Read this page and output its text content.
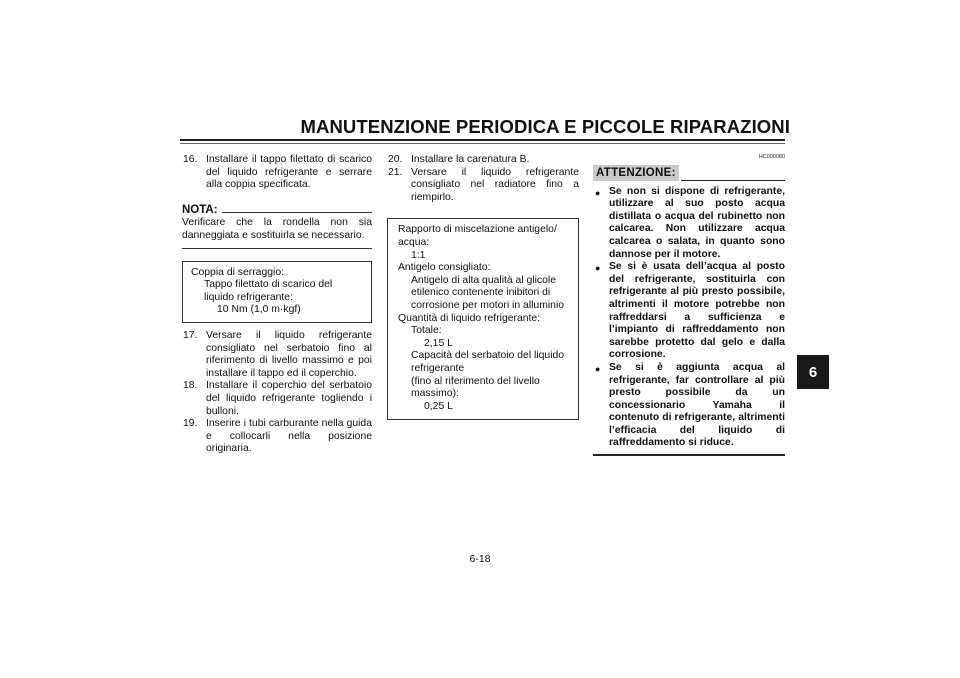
MANUTENZIONE PERIODICA E PICCOLE RIPARAZIONI
6
16. Installare il tappo filettato di scarico del liquido refrigerante e serrare alla coppia specificata.
NOTA:
Verificare che la rondella non sia danneggiata e sostituirla se necessario.
Coppia di serraggio:
Tappo filettato di scarico del liquido refrigerante:
10 Nm (1,0 m·kgf)
17. Versare il liquido refrigerante consigliato nel serbatoio fino al riferimento di livello massimo e poi installare il tappo ed il coperchio.
18. Installare il coperchio del serbatoio del liquido refrigerante togliendo i bulloni.
19. Inserire i tubi carburante nella guida e collocarli nella posizione originaria.
20. Installare la carenatura B.
21. Versare il liquido refrigerante consigliato nel radiatore fino a riempirlo.
Rapporto di miscelazione antigelo/ acqua:
1:1
Antigelo consigliato:
Antigelo di alta qualità al glicole etilenico contenente inibitori di corrosione per motori in alluminio
Quantità di liquido refrigerante:
Totale:
2,15 L
Capacità del serbatoio del liquido refrigerante
(fino al riferimento del livello massimo):
0,25 L
HC000080
ATTENZIONE:
● Se non si dispone di refrigerante, utilizzare al suo posto acqua distillata o acqua del rubinetto non calcarea. Non utilizzare acqua calcarea o salata, in quanto sono dannose per il motore.
● Se si è usata dell’acqua al posto del refrigerante, sostituirla con refrigerante al più presto possibile, altrimenti il motore potrebbe non raffreddarsi a sufficienza e l’impianto di raffreddamento non sarebbe protetto dal gelo e dalla corrosione.
● Se si è aggiunta acqua al refrigerante, far controllare al più presto possibile da un concessionario Yamaha il contenuto di refrigerante, altrimenti l’efficacia del liquido di raffreddamento si riduce.
6-18
